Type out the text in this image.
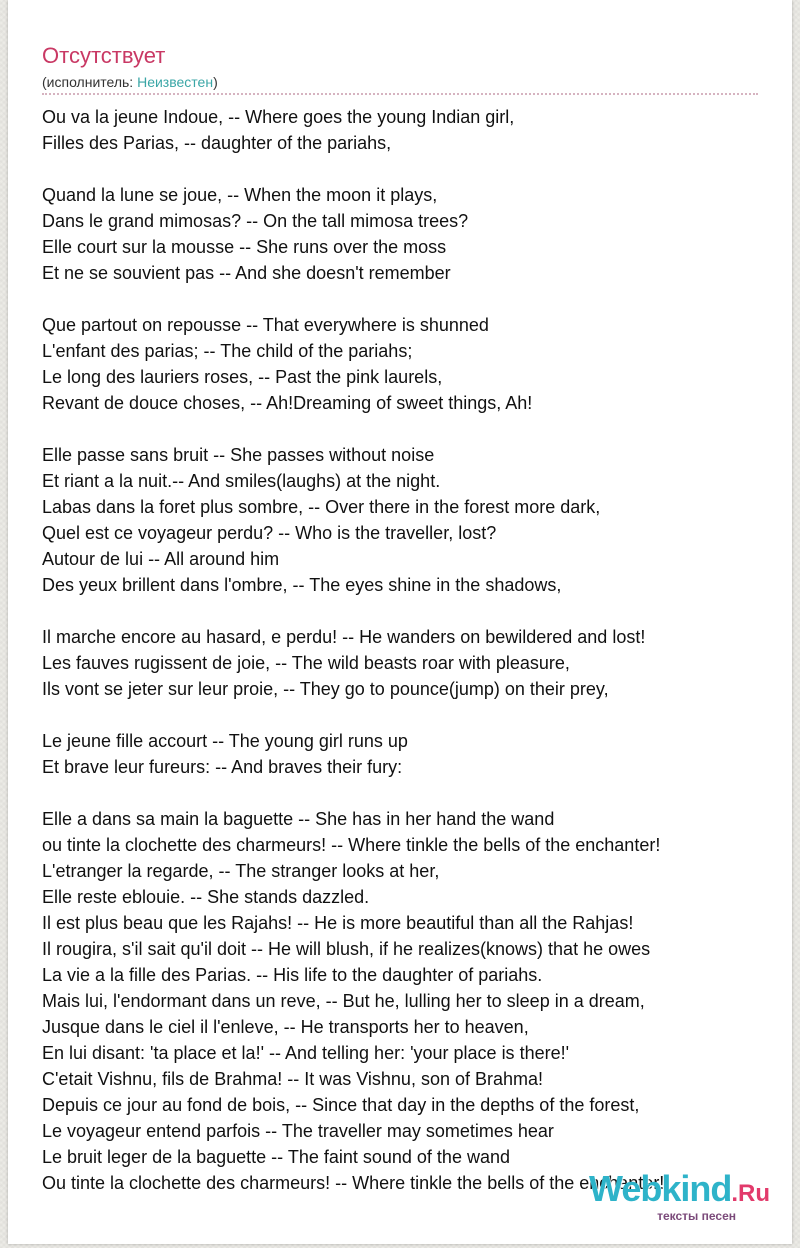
Отсутствует
(исполнитель: Неизвестен)
Ou va la jeune Indoue, -- Where goes the young Indian girl,
Filles des Parias, -- daughter of the pariahs,
Quand la lune se joue, -- When the moon it plays,
Dans le grand mimosas? -- On the tall mimosa trees?
Elle court sur la mousse -- She runs over the moss
Et ne se souvient pas -- And she doesn't remember
Que partout on repousse -- That everywhere is shunned
L'enfant des parias; -- The child of the pariahs;
Le long des lauriers roses, -- Past the pink laurels,
Revant de douce choses, -- Ah!Dreaming of sweet things, Ah!
Elle passe sans bruit -- She passes without noise
Et riant a la nuit.-- And smiles(laughs) at the night.
Labas dans la foret plus sombre, -- Over there in the forest more dark,
Quel est ce voyageur perdu? -- Who is the traveller, lost?
Autour de lui -- All around him
Des yeux brillent dans l'ombre, -- The eyes shine in the shadows,
Il marche encore au hasard, e perdu! -- He wanders on bewildered and lost!
Les fauves rugissent de joie, -- The wild beasts roar with pleasure,
Ils vont se jeter sur leur proie, -- They go to pounce(jump) on their prey,
Le jeune fille accourt -- The young girl runs up
Et brave leur fureurs: -- And braves their fury:
Elle a dans sa main la baguette -- She has in her hand the wand
ou tinte la clochette des charmeurs! -- Where tinkle the bells of the enchanter!
L'etranger la regarde, -- The stranger looks at her,
Elle reste eblouie. -- She stands dazzled.
Il est plus beau que les Rajahs! -- He is more beautiful than all the Rahjas!
Il rougira, s'il sait qu'il doit -- He will blush, if he realizes(knows) that he owes
La vie a la fille des Parias. -- His life to the daughter of pariahs.
Mais lui, l'endormant dans un reve, -- But he, lulling her to sleep in a dream,
Jusque dans le ciel il l'enleve, -- He transports her to heaven,
En lui disant: 'ta place et la!' -- And telling her: 'your place is there!'
C'etait Vishnu, fils de Brahma! -- It was Vishnu, son of Brahma!
Depuis ce jour au fond de bois, -- Since that day in the depths of the forest,
Le voyageur entend parfois -- The traveller may sometimes hear
Le bruit leger de la baguette -- The faint sound of the wand
Ou tinte la clochette des charmeurs! -- Where tinkle the bells of the enchanter!
Webkind.Ru
тексты песен
